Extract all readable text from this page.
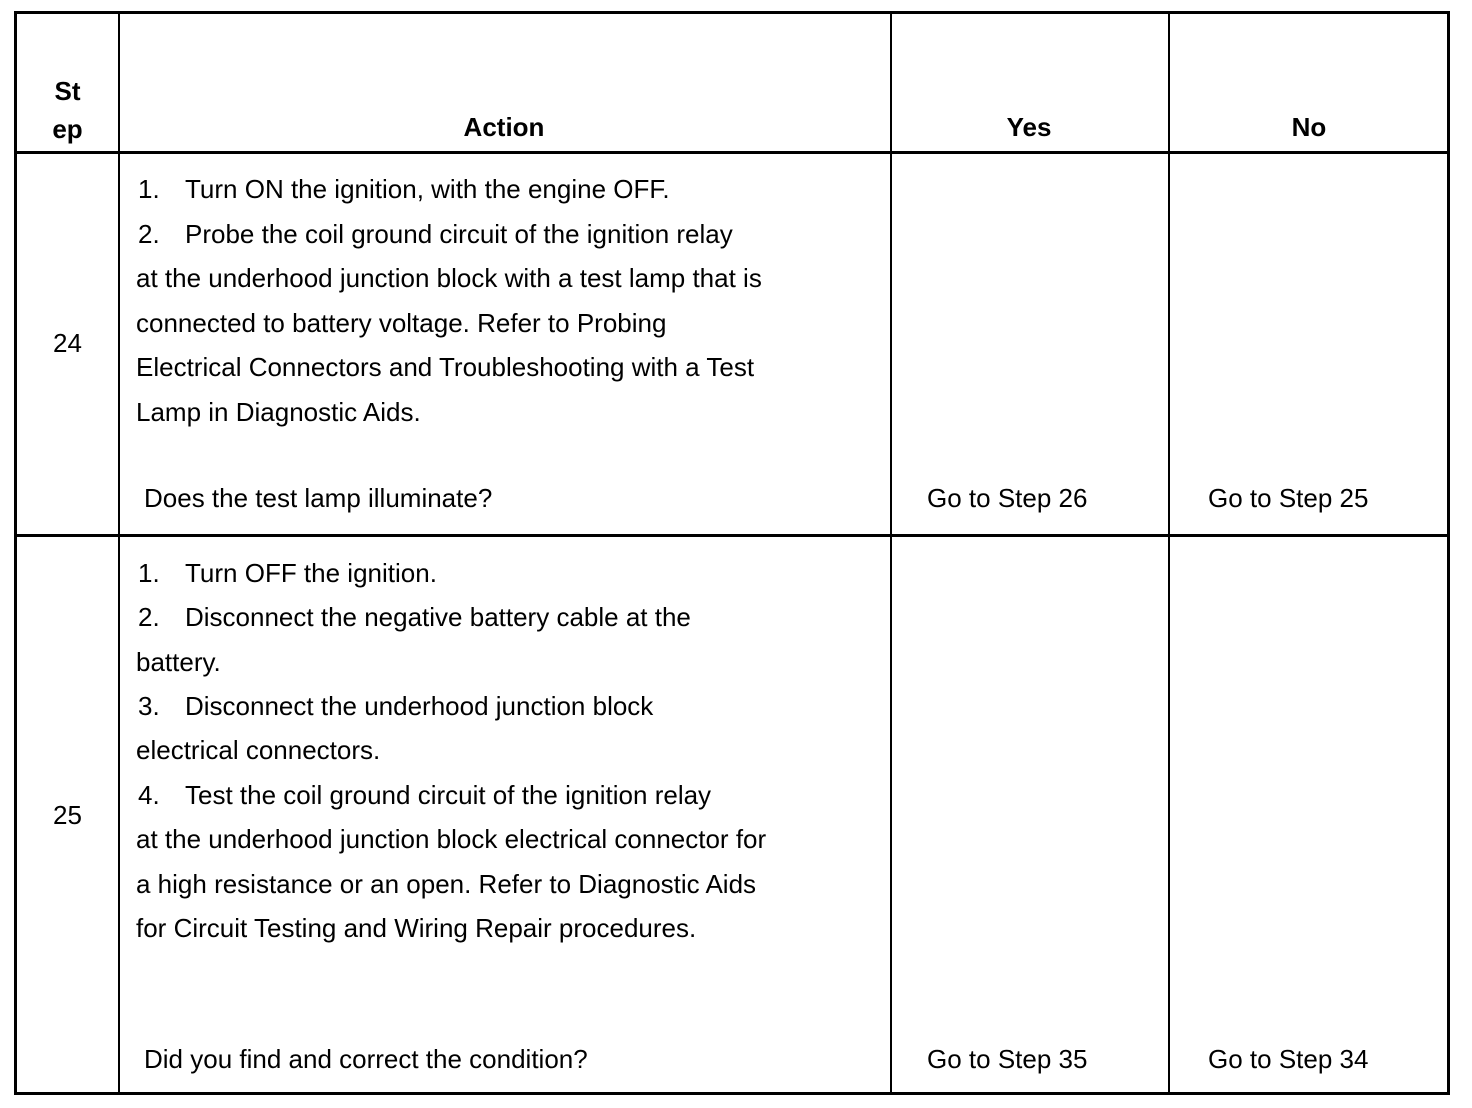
St
ep	Action	Yes	No
24
1. Turn ON the ignition, with the engine OFF.
2. Probe the coil ground circuit of the ignition relay
at the underhood junction block with a test lamp that is
connected to battery voltage. Refer to Probing
Electrical Connectors and Troubleshooting with a Test
Lamp in Diagnostic Aids.
Does the test lamp illuminate?	Go to Step 26	Go to Step 25
25
1. Turn OFF the ignition.
2. Disconnect the negative battery cable at the
battery.
3. Disconnect the underhood junction block
electrical connectors.
4. Test the coil ground circuit of the ignition relay
at the underhood junction block electrical connector for
a high resistance or an open. Refer to Diagnostic Aids
for Circuit Testing and Wiring Repair procedures.
Did you find and correct the condition?	Go to Step 35	Go to Step 34
